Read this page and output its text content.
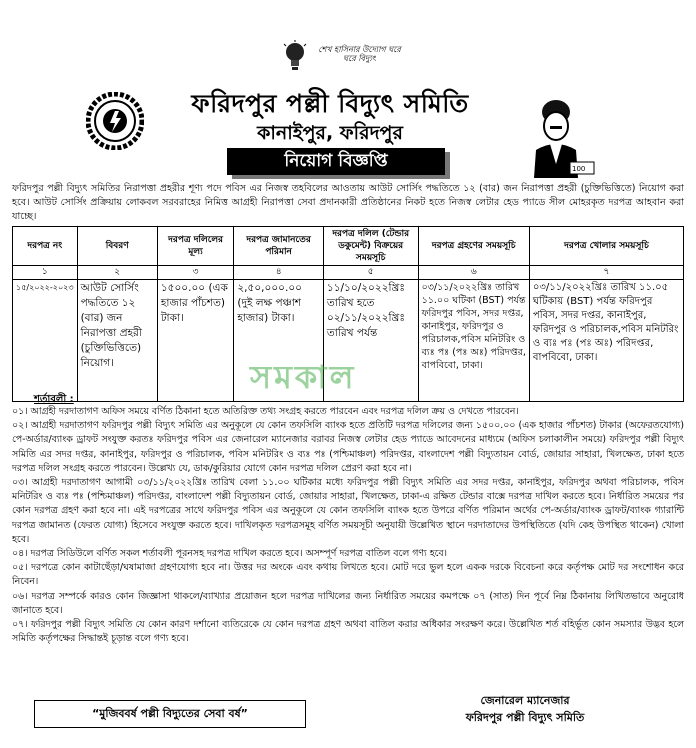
শেখ হাসিনার উদ্যোগ ঘরে ঘরে বিদ্যুৎ
ফরিদপুর পল্লী বিদ্যুৎ সমিতি
কানাইপুর, ফরিদপুর
100
নিয়োগ বিজ্ঞপ্তি
ফরিদপুর পল্লী বিদ্যুৎ সমিতির নিরাপত্তা প্রহরীর শূণ্য পদে পবিস এর নিজস্ব তহবিলের আওতায় আউট সোর্সিং পদ্ধতিতে ১২ (বার) জন নিরাপত্তা প্রহরী (চুক্তিভিত্তিতে) নিয়োগ করা হবে। আউট সোর্সিং প্রক্রিয়ায় লোকবল সরবরাহের নিমিত্ত আগ্রহী নিরাপত্তা সেবা প্রদানকারী প্রতিষ্ঠানের নিকট হতে নিজস্ব লেটার হেড প্যাডে সীল মোহরকৃত দরপত্র আহবান করা যাচ্ছে।
দরপত্র নং	বিবরণ	দরপত্র দলিলের মূল্য	দরপত্র জামানতের পরিমান	দরপত্র দলিল (টেন্ডার ডকুমেন্ট) বিক্রয়ের সময়সূচি	দরপত্র গ্রহণের সময়সূচি	দরপত্র খোলার সময়সূচি
১	২	৩	৪	৫	৬	৭
১৫/২০২২-২০২৩	আউট সোর্সিং পদ্ধতিতে ১২ (বার) জন নিরাপত্তা প্রহরী (চুক্তিভিত্তিতে) নিয়োগ।	১৫০০.০০ (এক হাজার পাঁচশত) টাকা।	২,৫০,০০০.০০ (দুই লক্ষ পঞ্চাশ হাজার) টাকা।	১১/১০/২০২২খ্রিঃ তারিখ হতে ০২/১১/২০২২খ্রিঃ তারিখ পর্যন্ত	০৩/১১/২০২২খ্রিঃ তারিখ ১১.০০ ঘটিকা (BST) পর্যন্ত ফরিদপুর পবিস, সদর দপ্তর, কানাইপুর, ফরিদপুর ও পরিচালক,পবিস মনিটরিং ও ব্যঃ পঃ (পঃ অঃ) পরিদপ্তর, বাপবিবো, ঢাকা।	০৩/১১/২০২২খ্রিঃ তারিখ ১১.০৫ ঘটিকায় (BST) পর্যন্ত ফরিদপুর পবিস, সদর দপ্তর, কানাইপুর, ফরিদপুর ও পরিচালক,পবিস মনিটরিং ও ব্যঃ পঃ (পঃ অঃ) পরিদপ্তর, বাপবিবো, ঢাকা।
সমকাল
শর্তাবলী :

০১। আগ্রহী দরদাতাগণ অফিস সময়ে বর্ণিত ঠিকানা হতে অতিরিক্ত তথ্য সংগ্রহ করতে পারবেন এবং দরপত্র দলিল ক্রয় ও দেখতে পারবেন।

০২। আগ্রহী দরদাতাগণ ফরিদপুর পল্লী বিদ্যুৎ সমিতি এর অনুকূলে যে কোন তফসিলি ব্যাংক হতে প্রতিটি দরপত্র দলিলের জন্য ১৫০০.০০ (এক হাজার পাঁচশত) টাকার (অফেরতযোগ্য) পে-অর্ডার/ব্যাংক ড্রাফট সংযুক্ত করতঃ ফরিদপুর পবিস এর জেনারেল ম্যানেজার বরাবর নিজস্ব লেটার হেড প্যাডে আবেদনের মাধ্যমে (অফিস চলাকালীন সময়ে) ফরিদপুর পল্লী বিদ্যুৎ সমিতি এর সদর দপ্তর, কানাইপুর, ফরিদপুর ও পরিচালক, পবিস মনিটরিং ও ব্যঃ পঃ (পশ্চিমাঞ্চল) পরিদপ্তর, বাংলাদেশ পল্লী বিদ্যুতায়ন বোর্ড, জোয়ার সাহারা, খিলক্ষেত, ঢাকা হতে দরপত্র দলিল সংগ্রহ করতে পারবেন। উল্লেখ্য যে, ডাক/কুরিয়ার যোগে কোন দরপত্র দলিল প্রেরণ করা হবে না।

০৩। আগ্রহী দরদাতাগণ আগামী ০৩/১১/২০২২খ্রিঃ তারিখ বেলা ১১.০০ ঘটিকার মধ্যে ফরিদপুর পল্লী বিদ্যুৎ সমিতি এর সদর দপ্তর, কানাইপুর, ফরিদপুর অথবা পরিচালক, পবিস মনিটরিং ও ব্যঃ পঃ (পশ্চিমাঞ্চল) পরিদপ্তর, বাংলাদেশ পল্লী বিদ্যুতায়ন বোর্ড, জোয়ার সাহারা, খিলক্ষেত, ঢাকা-এ রক্ষিত টেন্ডার বাক্সে দরপত্র দাখিল করতে হবে। নির্ধারিত সময়ের পর কোন দরপত্র গ্রহণ করা হবে না। এই দরপত্রের সাথে ফরিদপুর পবিস এর অনুকূলে যে কোন তফসিলি ব্যাংক হতে উপরে বর্ণিত পরিমান অর্থের পে-অর্ডার/ব্যাংক ড্রাফট/ব্যাংক গ্যারান্টি দরপত্র জামানত (ফেরত যোগ্য) হিসেবে সংযুক্ত করতে হবে। দাখিলকৃত দরপত্রসমূহ বর্ণিত সময়সূচী অনুযায়ী উল্লেখিত স্থানে দরদাতাদের উপস্থিতিতে (যদি কেহ উপস্থিত থাকেন) খোলা হবে।

০৪। দরপত্র সিডিউলে বর্ণিত সকল শর্তাবলী পূরনসহ দরপত্র দাখিল করতে হবে। অসম্পূর্ণ দরপত্র বাতিল বলে গণ্য হবে।

০৫। দরপত্রে কোন কাটাছেঁড়া/ঘষামাজা গ্রহণযোগ্য হবে না। উত্তর দর অংকে এবং কথায় লিখতে হবে। মোট দরে ভুল হলে একক দরকে বিবেচনা করে কর্তৃপক্ষ মোট দর সংশোধন করে নিবেন।

০৬। দরপত্র সম্পর্কে কারও কোন জিজ্ঞাসা থাকলে/ব্যাখ্যার প্রয়োজন হলে দরপত্র দাখিলের জন্য নির্ধারিত সময়ের কমপক্ষে ০৭ (সাত) দিন পূর্বে নিম্ন ঠিকানায় লিখিতভাবে অনুরোধ জানাতে হবে।

০৭। ফরিদপুর পল্লী বিদ্যুৎ সমিতি যে কোন কারণ দর্শানো ব্যতিরেকে যে কোন দরপত্র গ্রহণ অথবা বাতিল করার অধিকার সংরক্ষণ করে। উল্লেখিত শর্ত বহির্ভূত কোন সমস্যার উদ্ভব হলে সমিতি কর্তৃপক্ষের সিদ্ধান্তই চূড়ান্ত বলে গণ্য হবে।

“মুজিববর্ষ পল্লী বিদ্যুতের সেবা বর্ষ”
জেনারেল ম্যানেজার
ফরিদপুর পল্লী বিদ্যুৎ সমিতি
